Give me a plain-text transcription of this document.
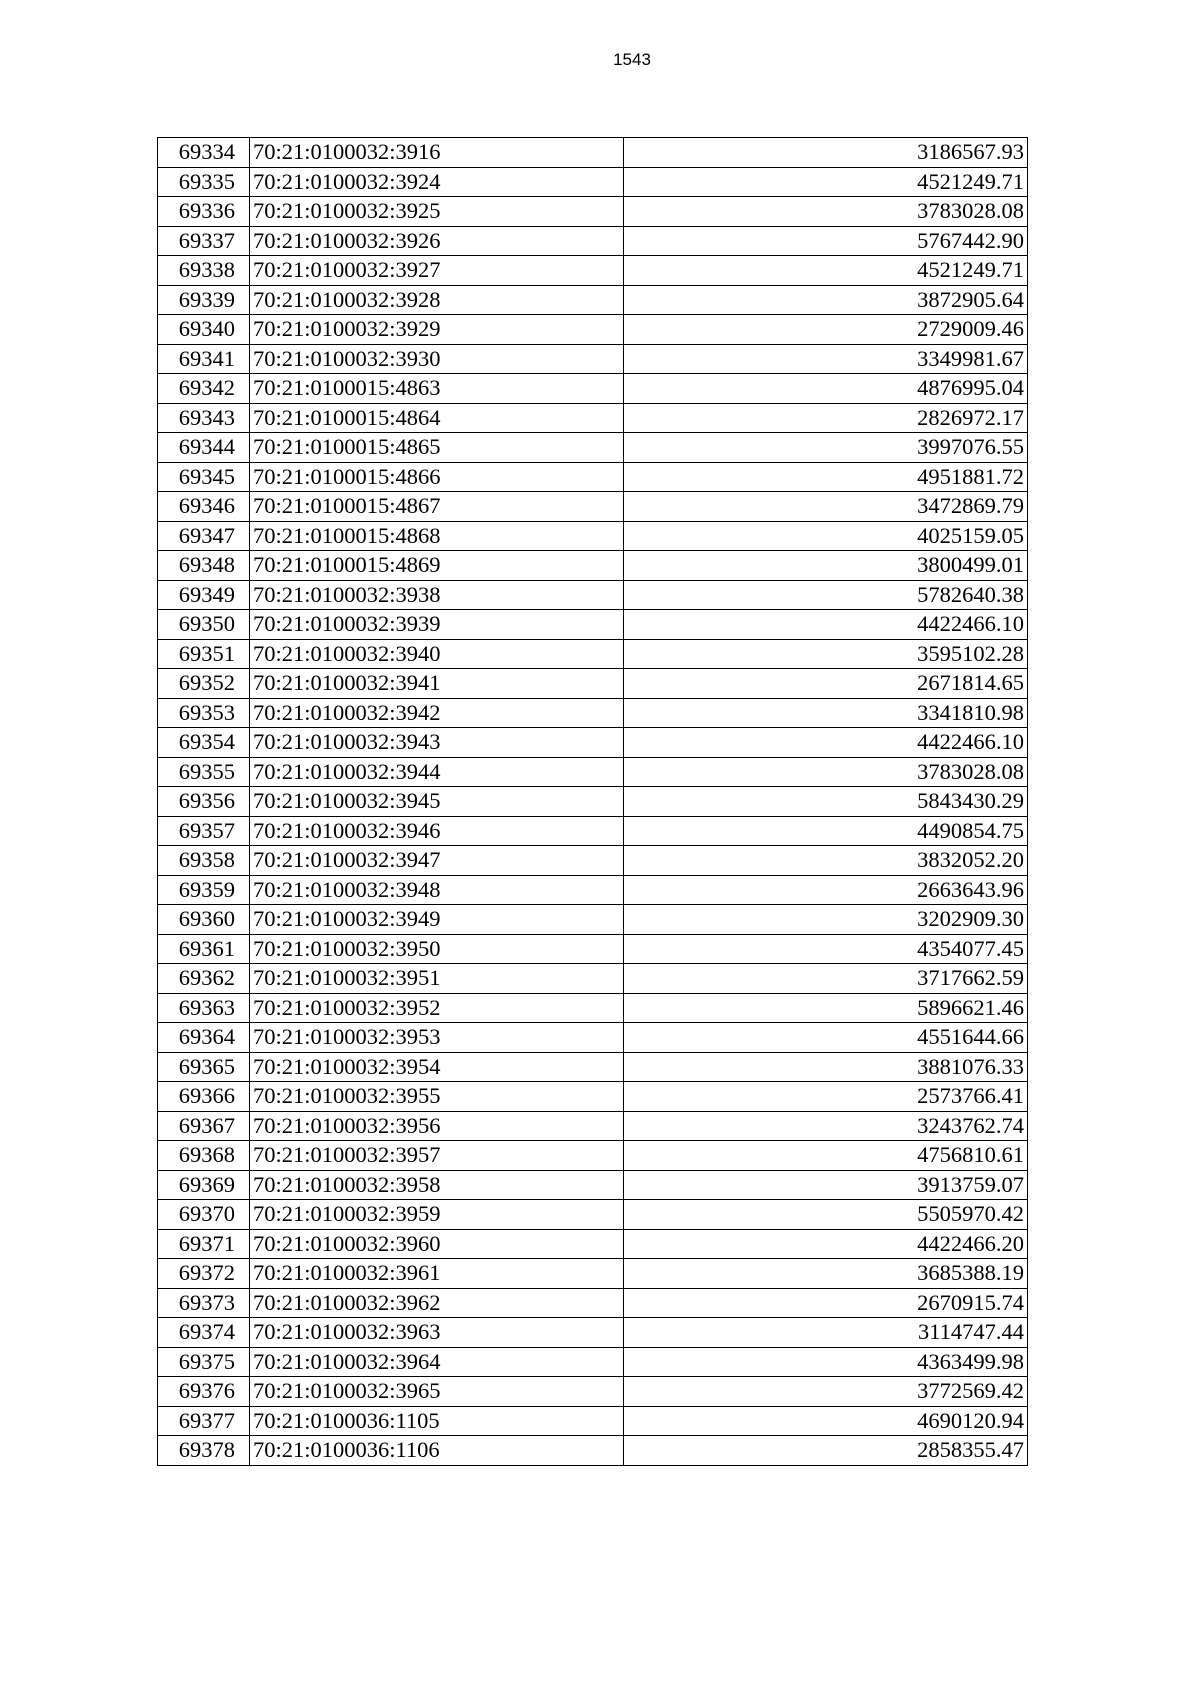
1543
69334	70:21:0100032:3916	3186567.93
69335	70:21:0100032:3924	4521249.71
69336	70:21:0100032:3925	3783028.08
69337	70:21:0100032:3926	5767442.90
69338	70:21:0100032:3927	4521249.71
69339	70:21:0100032:3928	3872905.64
69340	70:21:0100032:3929	2729009.46
69341	70:21:0100032:3930	3349981.67
69342	70:21:0100015:4863	4876995.04
69343	70:21:0100015:4864	2826972.17
69344	70:21:0100015:4865	3997076.55
69345	70:21:0100015:4866	4951881.72
69346	70:21:0100015:4867	3472869.79
69347	70:21:0100015:4868	4025159.05
69348	70:21:0100015:4869	3800499.01
69349	70:21:0100032:3938	5782640.38
69350	70:21:0100032:3939	4422466.10
69351	70:21:0100032:3940	3595102.28
69352	70:21:0100032:3941	2671814.65
69353	70:21:0100032:3942	3341810.98
69354	70:21:0100032:3943	4422466.10
69355	70:21:0100032:3944	3783028.08
69356	70:21:0100032:3945	5843430.29
69357	70:21:0100032:3946	4490854.75
69358	70:21:0100032:3947	3832052.20
69359	70:21:0100032:3948	2663643.96
69360	70:21:0100032:3949	3202909.30
69361	70:21:0100032:3950	4354077.45
69362	70:21:0100032:3951	3717662.59
69363	70:21:0100032:3952	5896621.46
69364	70:21:0100032:3953	4551644.66
69365	70:21:0100032:3954	3881076.33
69366	70:21:0100032:3955	2573766.41
69367	70:21:0100032:3956	3243762.74
69368	70:21:0100032:3957	4756810.61
69369	70:21:0100032:3958	3913759.07
69370	70:21:0100032:3959	5505970.42
69371	70:21:0100032:3960	4422466.20
69372	70:21:0100032:3961	3685388.19
69373	70:21:0100032:3962	2670915.74
69374	70:21:0100032:3963	3114747.44
69375	70:21:0100032:3964	4363499.98
69376	70:21:0100032:3965	3772569.42
69377	70:21:0100036:1105	4690120.94
69378	70:21:0100036:1106	2858355.47
